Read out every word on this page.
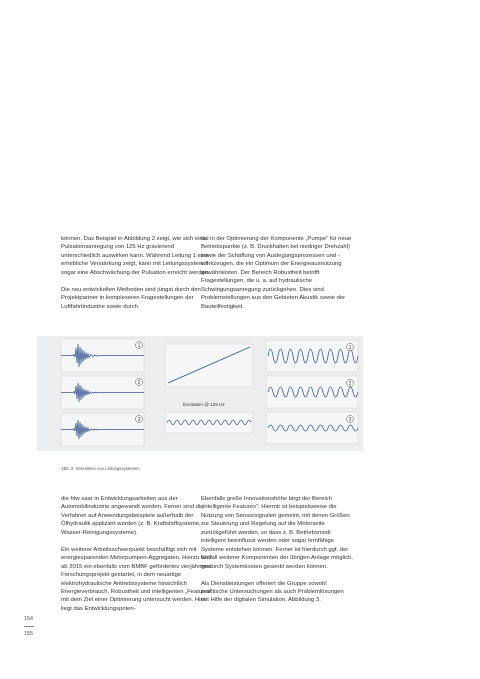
können. Das Beispiel in Abbildung 2 zeigt, wie sich eine Pulsationsanregung von 125 Hz gravierend unterschiedlich auswirken kann. Während Leitung 1 eine erhebliche Verstärkung zeigt, kann mit Leitungssystem 3 sogar eine Abschwächung der Pulsation erreicht werden.

Die neu entwickelten Methoden sind jüngst durch den Projektpartner in komplexeren Fragestellungen der Luftfahrtindustrie sowie durch

tial in der Optimierung der Komponente „Pumpe“ für neue Betriebspunkte (z. B. Druckhalten bei niedriger Drehzahl) sowie der Schaffung von Auslegungsprozessen und -werkzeugen, die ein Optimum der Energieausnutzung gewährleisten. Der Bereich Robustheit betrifft Fragestellungen, die u. a. auf hydraulische Schwingungsanregung zurückgehen. Dies sind Problemstellungen aus den Gebieten Akustik sowie der Bauteilfestigkeit.

1
2
3
Excitation @ 125 Hz
1
2
3
Abb. 2: Simulation von Leitungssystemen

die htw saar in Entwicklungsarbeiten aus der Automobilindustrie angewandt worden. Ferner sind die Verfahren auf Anwendungsbeispiele außerhalb der Ölhydraulik appliziert worden (z. B. Kraftstoffsysteme, Wasser-Reinigungssysteme).

Ein weiterer Arbeitsschwerpunkt beschäftigt sich mit energiesparenden Motorpumpen-Aggregaten. Hierzu wird ab 2015 ein ebenfalls vom BMBF gefördertes vierjähriges Forschungsprojekt gestartet, in dem neuartige elektrohydraulische Antriebssysteme hinsichtlich Energieverbrauch, Robustheit und intelligenten „Features“ mit dem Ziel einer Optimierung untersucht werden. Hier liegt das Entwicklungspoten-

Ebenfalls große Innovationshöhe birgt der Bereich „intelligente Features“: Hiermit ist beispielsweise die Nutzung von Sensorsignalen gemeint, mit denen Größen zur Steuerung und Regelung auf die Motorseite zurückgeführt werden, so dass z. B. Betriebsmodi intelligent beeinflusst werden oder sogar lernfähige Systeme entstehen können. Ferner ist hierdurch ggf. der Entfall weiterer Komponenten der übrigen Anlage möglich, wodurch Systemkosten gesenkt werden können.

Als Dienstleistungen offeriert die Gruppe sowohl praktische Untersuchungen als auch Problemlösungen mit Hilfe der digitalen Simulation, Abbildung 3.

154
155
